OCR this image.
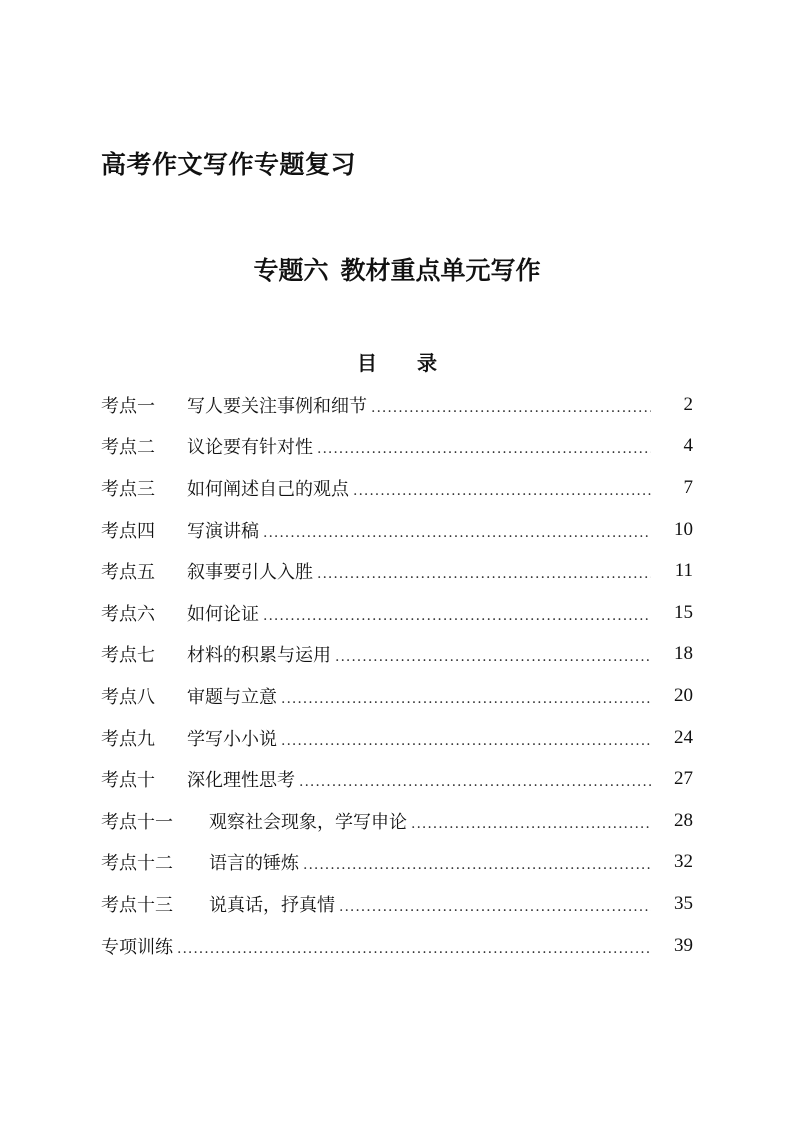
高考作文写作专题复习
专题六 教材重点单元写作
目 录
考点一	写人要关注事例和细节 .....	2
考点二	议论要有针对性 .....	4
考点三	如何阐述自己的观点 .....	7
考点四	写演讲稿 .....	10
考点五	叙事要引人入胜 .....	11
考点六	如何论证 .....	15
考点七	材料的积累与运用 .....	18
考点八	审题与立意 .....	20
考点九	学写小小说 .....	24
考点十	深化理性思考 .....	27
考点十一	观察社会现象，学写申论 .....	28
考点十二	语言的锤炼 .....	32
考点十三	说真话，抒真情 .....	35
专项训练 .....	39
